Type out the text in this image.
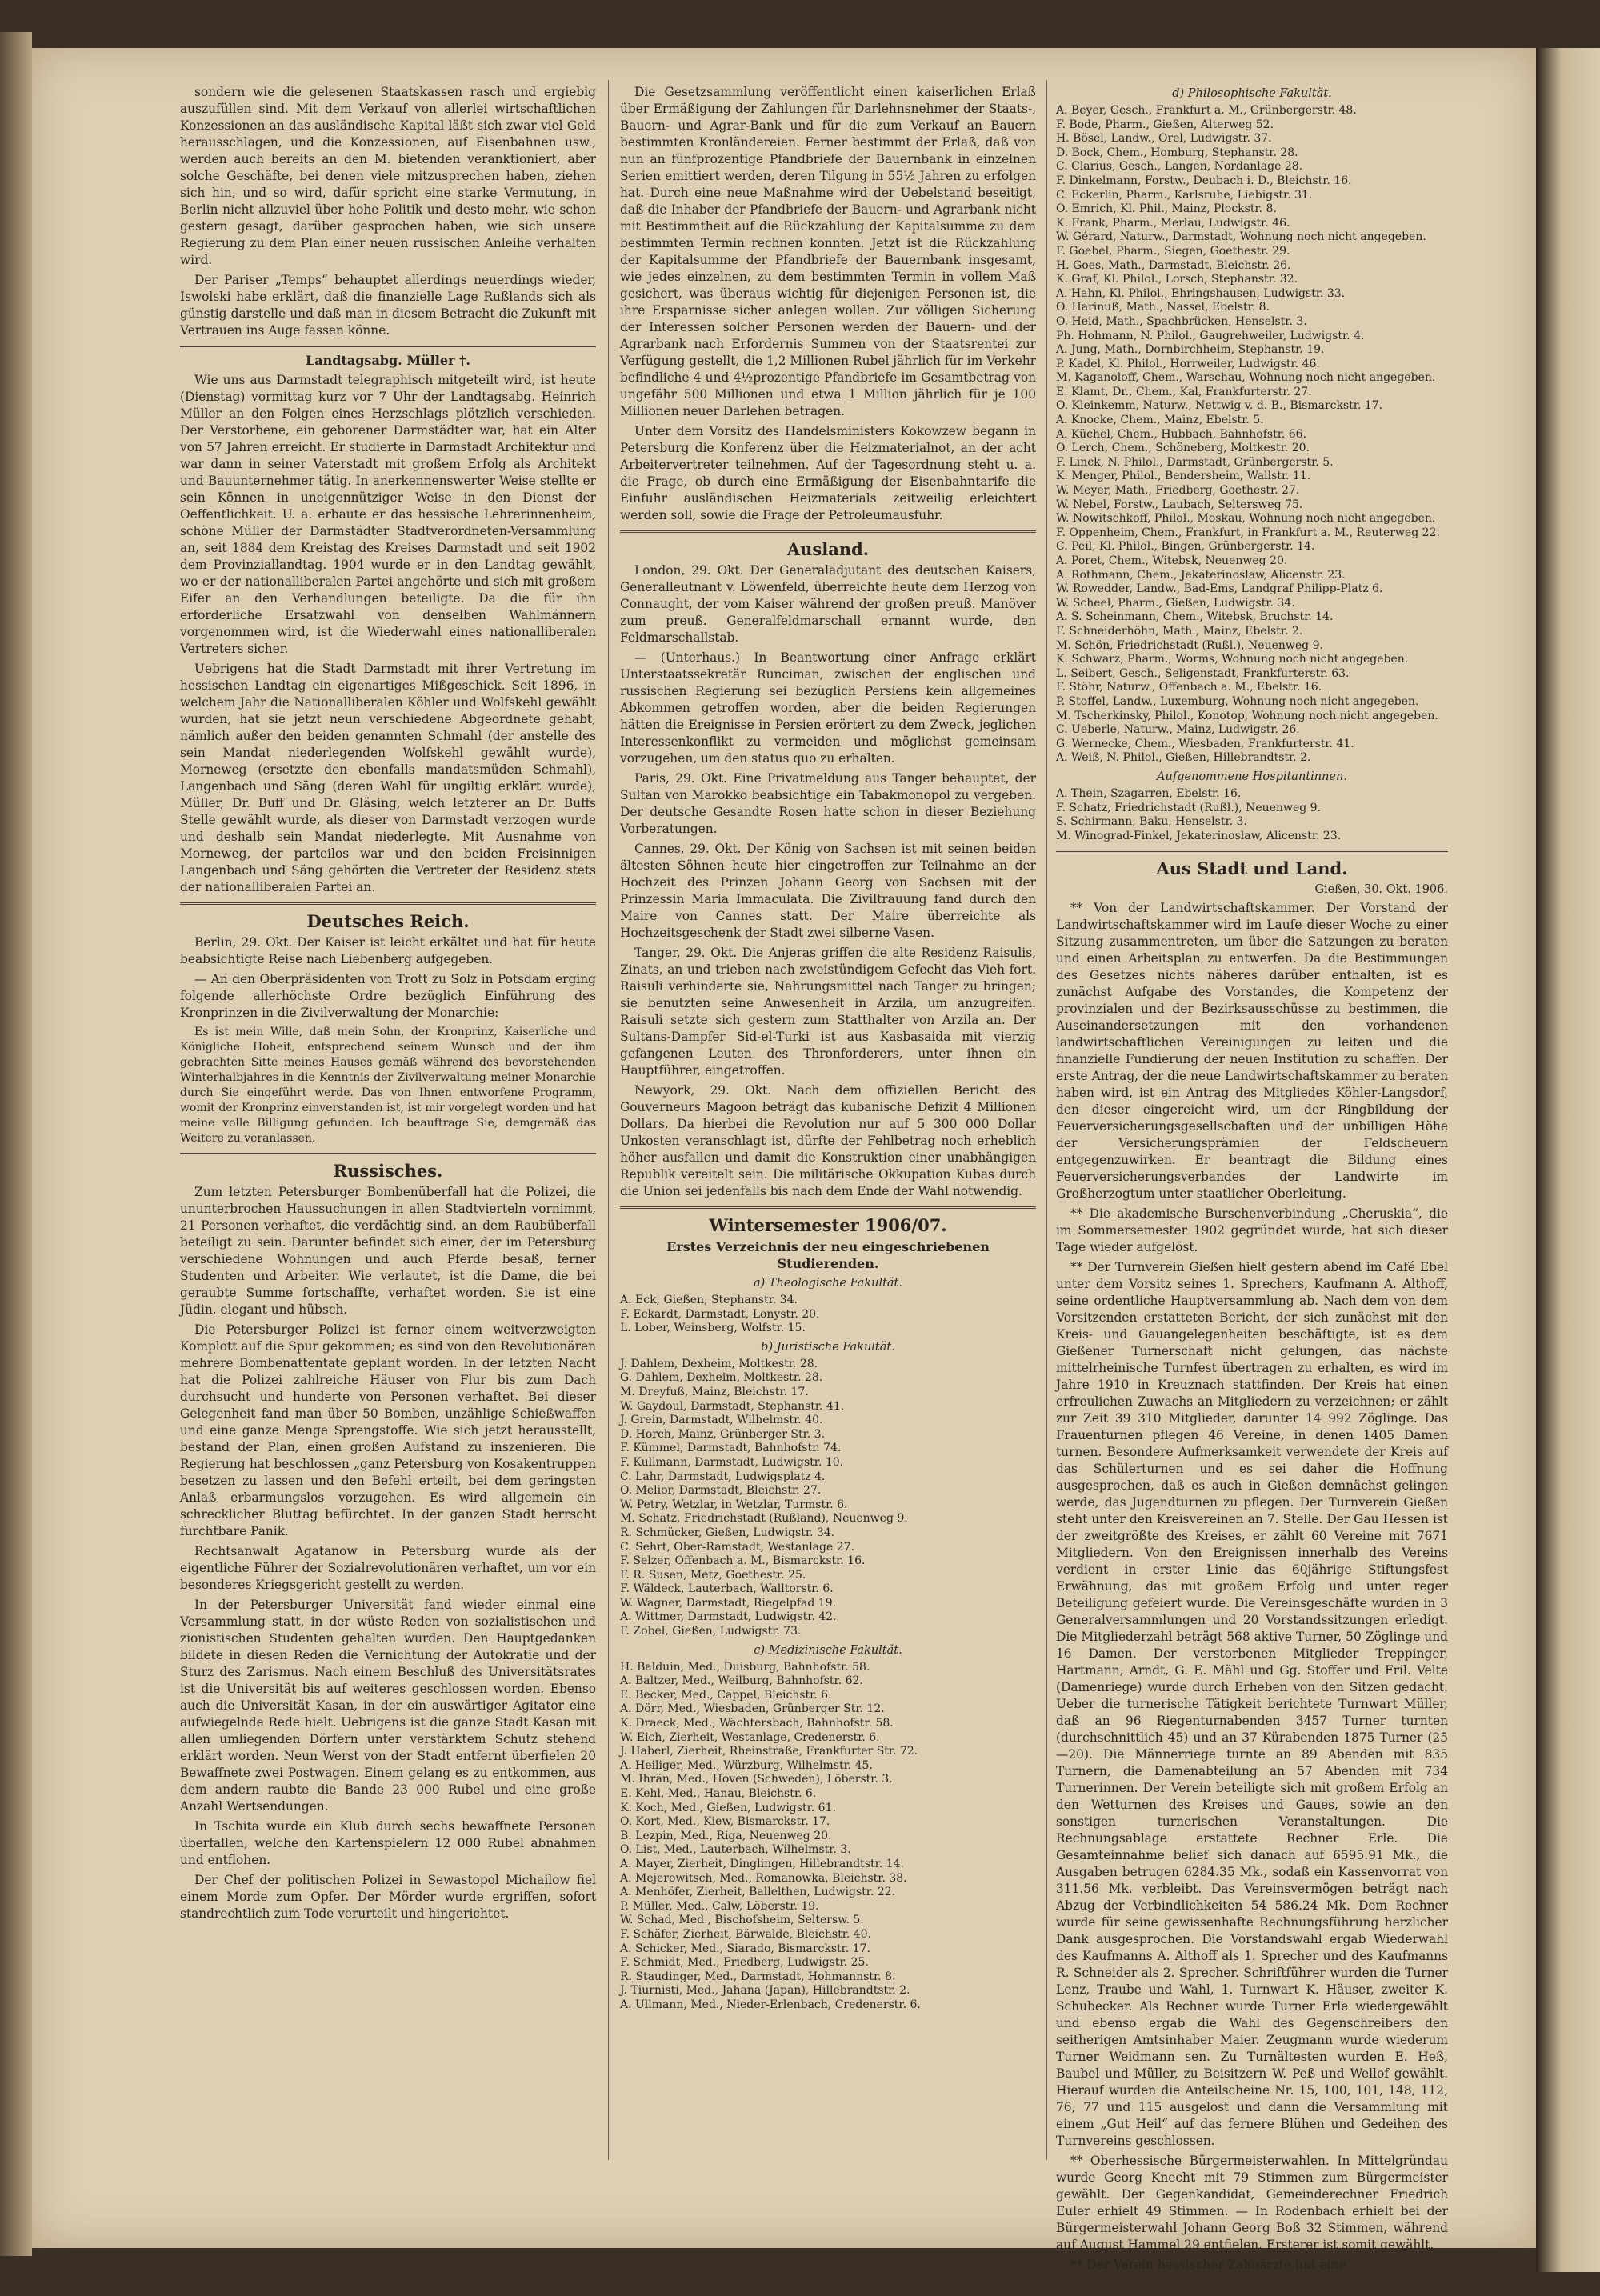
sondern wie die gelesenen Staatskassen rasch und ergiebig auszufüllen sind. Mit dem Verkauf von allerlei wirtschaftlichen Konzessionen an das ausländische Kapital läßt sich zwar viel Geld herausschlagen, und die Konzessionen, auf Eisenbahnen usw., werden auch bereits an den M. bietenden veranktioniert, aber solche Geschäfte, bei denen viele mitzusprechen haben, ziehen sich hin, und so wird, dafür spricht eine starke Vermutung, in Berlin nicht allzuviel über hohe Politik und desto mehr, wie schon gestern gesagt, darüber gesprochen haben, wie sich unsere Regierung zu dem Plan einer neuen russischen Anleihe verhalten wird.

Der Pariser „Temps“ behauptet allerdings neuerdings wieder, Iswolski habe erklärt, daß die finanzielle Lage Rußlands sich als günstig darstelle und daß man in diesem Betracht die Zukunft mit Vertrauen ins Auge fassen könne.

Landtagsabg. Müller †.

Wie uns aus Darmstadt telegraphisch mitgeteilt wird, ist heute (Dienstag) vormittag kurz vor 7 Uhr der Landtagsabg. Heinrich Müller an den Folgen eines Herzschlags plötzlich verschieden. Der Verstorbene, ein geborener Darmstädter war, hat ein Alter von 57 Jahren erreicht. Er studierte in Darmstadt Architektur und war dann in seiner Vaterstadt mit großem Erfolg als Architekt und Bauunternehmer tätig. In anerkennenswerter Weise stellte er sein Können in uneigennütziger Weise in den Dienst der Oeffentlichkeit. U. a. erbaute er das hessische Lehrerinnenheim, schöne Müller der Darmstädter Stadtverordneten-Versammlung an, seit 1884 dem Kreistag des Kreises Darmstadt und seit 1902 dem Provinziallandtag. 1904 wurde er in den Landtag gewählt, wo er der nationalliberalen Partei angehörte und sich mit großem Eifer an den Verhandlungen beteiligte. Da die für ihn erforderliche Ersatzwahl von denselben Wahlmännern vorgenommen wird, ist die Wiederwahl eines nationalliberalen Vertreters sicher.

Uebrigens hat die Stadt Darmstadt mit ihrer Vertretung im hessischen Landtag ein eigenartiges Mißgeschick. Seit 1896, in welchem Jahr die Nationalliberalen Köhler und Wolfskehl gewählt wurden, hat sie jetzt neun verschiedene Abgeordnete gehabt, nämlich außer den beiden genannten Schmahl (der anstelle des sein Mandat niederlegenden Wolfskehl gewählt wurde), Morneweg (ersetzte den ebenfalls mandatsmüden Schmahl), Langenbach und Säng (deren Wahl für ungiltig erklärt wurde), Müller, Dr. Buff und Dr. Gläsing, welch letzterer an Dr. Buffs Stelle gewählt wurde, als dieser von Darmstadt verzogen wurde und deshalb sein Mandat niederlegte. Mit Ausnahme von Morneweg, der parteilos war und den beiden Freisinnigen Langenbach und Säng gehörten die Vertreter der Residenz stets der nationalliberalen Partei an.

Deutsches Reich.

Berlin, 29. Okt. Der Kaiser ist leicht erkältet und hat für heute beabsichtigte Reise nach Liebenberg aufgegeben.

— An den Oberpräsidenten von Trott zu Solz in Potsdam erging folgende allerhöchste Ordre bezüglich Einführung des Kronprinzen in die Zivilverwaltung der Monarchie:

Es ist mein Wille, daß mein Sohn, der Kronprinz, Kaiserliche und Königliche Hoheit, entsprechend seinem Wunsch und der ihm gebrachten Sitte meines Hauses gemäß während des bevorstehenden Winterhalbjahres in die Kenntnis der Zivilverwaltung meiner Monarchie durch Sie eingeführt werde. Das von Ihnen entworfene Programm, womit der Kronprinz einverstanden ist, ist mir vorgelegt worden und hat meine volle Billigung gefunden. Ich beauftrage Sie, demgemäß das Weitere zu veranlassen.

Russisches.

Zum letzten Petersburger Bombenüberfall hat die Polizei, die ununterbrochen Haussuchungen in allen Stadtvierteln vornimmt, 21 Personen verhaftet, die verdächtig sind, an dem Raubüberfall beteiligt zu sein. Darunter befindet sich einer, der im Petersburg verschiedene Wohnungen und auch Pferde besaß, ferner Studenten und Arbeiter. Wie verlautet, ist die Dame, die bei geraubte Summe fortschaffte, verhaftet worden. Sie ist eine Jüdin, elegant und hübsch.

Die Petersburger Polizei ist ferner einem weitverzweigten Komplott auf die Spur gekommen; es sind von den Revolutionären mehrere Bombenattentate geplant worden. In der letzten Nacht hat die Polizei zahlreiche Häuser von Flur bis zum Dach durchsucht und hunderte von Personen verhaftet. Bei dieser Gelegenheit fand man über 50 Bomben, unzählige Schießwaffen und eine ganze Menge Sprengstoffe. Wie sich jetzt herausstellt, bestand der Plan, einen großen Aufstand zu inszenieren. Die Regierung hat beschlossen „ganz Petersburg von Kosakentruppen besetzen zu lassen und den Befehl erteilt, bei dem geringsten Anlaß erbarmungslos vorzugehen. Es wird allgemein ein schrecklicher Bluttag befürchtet. In der ganzen Stadt herrscht furchtbare Panik.

Rechtsanwalt Agatanow in Petersburg wurde als der eigentliche Führer der Sozialrevolutionären verhaftet, um vor ein besonderes Kriegsgericht gestellt zu werden.

In der Petersburger Universität fand wieder einmal eine Versammlung statt, in der wüste Reden von sozialistischen und zionistischen Studenten gehalten wurden. Den Hauptgedanken bildete in diesen Reden die Vernichtung der Autokratie und der Sturz des Zarismus. Nach einem Beschluß des Universitätsrates ist die Universität bis auf weiteres geschlossen worden. Ebenso auch die Universität Kasan, in der ein auswärtiger Agitator eine aufwiegelnde Rede hielt. Uebrigens ist die ganze Stadt Kasan mit allen umliegenden Dörfern unter verstärktem Schutz stehend erklärt worden. Neun Werst von der Stadt entfernt überfielen 20 Bewaffnete zwei Postwagen. Einem gelang es zu entkommen, aus dem andern raubte die Bande 23 000 Rubel und eine große Anzahl Wertsendungen.

In Tschita wurde ein Klub durch sechs bewaffnete Personen überfallen, welche den Kartenspielern 12 000 Rubel abnahmen und entflohen.

Der Chef der politischen Polizei in Sewastopol Michailow fiel einem Morde zum Opfer. Der Mörder wurde ergriffen, sofort standrechtlich zum Tode verurteilt und hingerichtet.

Die Gesetzsammlung veröffentlicht einen kaiserlichen Erlaß über Ermäßigung der Zahlungen für Darlehnsnehmer der Staats-, Bauern- und Agrar-Bank und für die zum Verkauf an Bauern bestimmten Kronländereien. Ferner bestimmt der Erlaß, daß von nun an fünfprozentige Pfandbriefe der Bauernbank in einzelnen Serien emittiert werden, deren Tilgung in 55½ Jahren zu erfolgen hat. Durch eine neue Maßnahme wird der Uebelstand beseitigt, daß die Inhaber der Pfandbriefe der Bauern- und Agrarbank nicht mit Bestimmtheit auf die Rückzahlung der Kapitalsumme zu dem bestimmten Termin rechnen konnten. Jetzt ist die Rückzahlung der Kapitalsumme der Pfandbriefe der Bauernbank insgesamt, wie jedes einzelnen, zu dem bestimmten Termin in vollem Maß gesichert, was überaus wichtig für diejenigen Personen ist, die ihre Ersparnisse sicher anlegen wollen. Zur völligen Sicherung der Interessen solcher Personen werden der Bauern- und der Agrarbank nach Erfordernis Summen von der Staatsrentei zur Verfügung gestellt, die 1,2 Millionen Rubel jährlich für im Verkehr befindliche 4 und 4½prozentige Pfandbriefe im Gesamtbetrag von ungefähr 500 Millionen und etwa 1 Million jährlich für je 100 Millionen neuer Darlehen betragen.

Unter dem Vorsitz des Handelsministers Kokowzew begann in Petersburg die Konferenz über die Heizmaterialnot, an der acht Arbeitervertreter teilnehmen. Auf der Tagesordnung steht u. a. die Frage, ob durch eine Ermäßigung der Eisenbahntarife die Einfuhr ausländischen Heizmaterials zeitweilig erleichtert werden soll, sowie die Frage der Petroleumausfuhr.

Ausland.

London, 29. Okt. Der Generaladjutant des deutschen Kaisers, Generalleutnant v. Löwenfeld, überreichte heute dem Herzog von Connaught, der vom Kaiser während der großen preuß. Manöver zum preuß. Generalfeldmarschall ernannt wurde, den Feldmarschallstab.

— (Unterhaus.) In Beantwortung einer Anfrage erklärt Unterstaatssekretär Runciman, zwischen der englischen und russischen Regierung sei bezüglich Persiens kein allgemeines Abkommen getroffen worden, aber die beiden Regierungen hätten die Ereignisse in Persien erörtert zu dem Zweck, jeglichen Interessenkonflikt zu vermeiden und möglichst gemeinsam vorzugehen, um den status quo zu erhalten.

Paris, 29. Okt. Eine Privatmeldung aus Tanger behauptet, der Sultan von Marokko beabsichtige ein Tabakmonopol zu vergeben. Der deutsche Gesandte Rosen hatte schon in dieser Beziehung Vorberatungen.

Cannes, 29. Okt. Der König von Sachsen ist mit seinen beiden ältesten Söhnen heute hier eingetroffen zur Teilnahme an der Hochzeit des Prinzen Johann Georg von Sachsen mit der Prinzessin Maria Immaculata. Die Ziviltrauung fand durch den Maire von Cannes statt. Der Maire überreichte als Hochzeitsgeschenk der Stadt zwei silberne Vasen.

Tanger, 29. Okt. Die Anjeras griffen die alte Residenz Raisulis, Zinats, an und trieben nach zweistündigem Gefecht das Vieh fort. Raisuli verhinderte sie, Nahrungsmittel nach Tanger zu bringen; sie benutzten seine Anwesenheit in Arzila, um anzugreifen. Raisuli setzte sich gestern zum Statthalter von Arzila an. Der Sultans-Dampfer Sid-el-Turki ist aus Kasbasaida mit vierzig gefangenen Leuten des Thronforderers, unter ihnen ein Hauptführer, eingetroffen.

Newyork, 29. Okt. Nach dem offiziellen Bericht des Gouverneurs Magoon beträgt das kubanische Defizit 4 Millionen Dollars. Da hierbei die Revolution nur auf 5 300 000 Dollar Unkosten veranschlagt ist, dürfte der Fehlbetrag noch erheblich höher ausfallen und damit die Konstruktion einer unabhängigen Republik vereitelt sein. Die militärische Okkupation Kubas durch die Union sei jedenfalls bis nach dem Ende der Wahl notwendig.

Wintersemester 1906/07.
Erstes Verzeichnis der neu eingeschriebenen Studierenden.
a) Theologische Fakultät.
A. Eck, Gießen, Stephanstr. 34.
F. Eckardt, Darmstadt, Lonystr. 20.
L. Lober, Weinsberg, Wolfstr. 15.
b) Juristische Fakultät.
J. Dahlem, Dexheim, Moltkestr. 28.
G. Dahlem, Dexheim, Moltkestr. 28.
M. Dreyfuß, Mainz, Bleichstr. 17.
W. Gaydoul, Darmstadt, Stephanstr. 41.
J. Grein, Darmstadt, Wilhelmstr. 40.
D. Horch, Mainz, Grünberger Str. 3.
F. Kümmel, Darmstadt, Bahnhofstr. 74.
F. Kullmann, Darmstadt, Ludwigstr. 10.
C. Lahr, Darmstadt, Ludwigsplatz 4.
O. Melior, Darmstadt, Bleichstr. 27.
W. Petry, Wetzlar, in Wetzlar, Turmstr. 6.
M. Schatz, Friedrichstadt (Rußland), Neuenweg 9.
R. Schmücker, Gießen, Ludwigstr. 34.
C. Sehrt, Ober-Ramstadt, Westanlage 27.
F. Selzer, Offenbach a. M., Bismarckstr. 16.
F. R. Susen, Metz, Goethestr. 25.
F. Wäldeck, Lauterbach, Walltorstr. 6.
W. Wagner, Darmstadt, Riegelpfad 19.
A. Wittmer, Darmstadt, Ludwigstr. 42.
F. Zobel, Gießen, Ludwigstr. 73.
c) Medizinische Fakultät.
H. Balduin, Med., Duisburg, Bahnhofstr. 58.
A. Baltzer, Med., Weilburg, Bahnhofstr. 62.
E. Becker, Med., Cappel, Bleichstr. 6.
A. Dörr, Med., Wiesbaden, Grünberger Str. 12.
K. Draeck, Med., Wächtersbach, Bahnhofstr. 58.
W. Eich, Zierheit, Westanlage, Credenerstr. 6.
J. Haberl, Zierheit, Rheinstraße, Frankfurter Str. 72.
A. Heiliger, Med., Würzburg, Wilhelmstr. 45.
M. Ihrän, Med., Hoven (Schweden), Löberstr. 3.
E. Kehl, Med., Hanau, Bleichstr. 6.
K. Koch, Med., Gießen, Ludwigstr. 61.
O. Kort, Med., Kiew, Bismarckstr. 17.
B. Lezpin, Med., Riga, Neuenweg 20.
O. List, Med., Lauterbach, Wilhelmstr. 3.
A. Mayer, Zierheit, Dinglingen, Hillebrandtstr. 14.
A. Mejerowitsch, Med., Romanowka, Bleichstr. 38.
A. Menhöfer, Zierheit, Ballelthen, Ludwigstr. 22.
P. Müller, Med., Calw, Löberstr. 19.
W. Schad, Med., Bischofsheim, Seltersw. 5.
F. Schäfer, Zierheit, Bärwalde, Bleichstr. 40.
A. Schicker, Med., Siarado, Bismarckstr. 17.
F. Schmidt, Med., Friedberg, Ludwigstr. 25.
R. Staudinger, Med., Darmstadt, Hohmannstr. 8.
J. Tiurnisti, Med., Jahana (Japan), Hillebrandtstr. 2.
A. Ullmann, Med., Nieder-Erlenbach, Credenerstr. 6.
d) Philosophische Fakultät.
A. Beyer, Gesch., Frankfurt a. M., Grünbergerstr. 48.
F. Bode, Pharm., Gießen, Alterweg 52.
H. Bösel, Landw., Orel, Ludwigstr. 37.
D. Bock, Chem., Homburg, Stephanstr. 28.
C. Clarius, Gesch., Langen, Nordanlage 28.
F. Dinkelmann, Forstw., Deubach i. D., Bleichstr. 16.
C. Eckerlin, Pharm., Karlsruhe, Liebigstr. 31.
O. Emrich, Kl. Phil., Mainz, Plockstr. 8.
K. Frank, Pharm., Merlau, Ludwigstr. 46.
W. Gérard, Naturw., Darmstadt, Wohnung noch nicht angegeben.
F. Goebel, Pharm., Siegen, Goethestr. 29.
H. Goes, Math., Darmstadt, Bleichstr. 26.
K. Graf, Kl. Philol., Lorsch, Stephanstr. 32.
A. Hahn, Kl. Philol., Ehringshausen, Ludwigstr. 33.
O. Harinuß, Math., Nassel, Ebelstr. 8.
O. Heid, Math., Spachbrücken, Henselstr. 3.
Ph. Hohmann, N. Philol., Gaugrehweiler, Ludwigstr. 4.
A. Jung, Math., Dornbirchheim, Stephanstr. 19.
P. Kadel, Kl. Philol., Horrweiler, Ludwigstr. 46.
M. Kaganoloff, Chem., Warschau, Wohnung noch nicht angegeben.
E. Klamt, Dr., Chem., Kal, Frankfurterstr. 27.
O. Kleinkemm, Naturw., Nettwig v. d. B., Bismarckstr. 17.
A. Knocke, Chem., Mainz, Ebelstr. 5.
A. Küchel, Chem., Hubbach, Bahnhofstr. 66.
O. Lerch, Chem., Schöneberg, Moltkestr. 20.
F. Linck, N. Philol., Darmstadt, Grünbergerstr. 5.
K. Menger, Philol., Bendersheim, Wallstr. 11.
W. Meyer, Math., Friedberg, Goethestr. 27.
W. Nebel, Forstw., Laubach, Seltersweg 75.
W. Nowitschkoff, Philol., Moskau, Wohnung noch nicht angegeben.
F. Oppenheim, Chem., Frankfurt, in Frankfurt a. M., Reuterweg 22.
C. Peil, Kl. Philol., Bingen, Grünbergerstr. 14.
A. Poret, Chem., Witebsk, Neuenweg 20.
A. Rothmann, Chem., Jekaterinoslaw, Alicenstr. 23.
W. Rowedder, Landw., Bad-Ems, Landgraf Philipp-Platz 6.
W. Scheel, Pharm., Gießen, Ludwigstr. 34.
A. S. Scheinmann, Chem., Witebsk, Bruchstr. 14.
F. Schneiderhöhn, Math., Mainz, Ebelstr. 2.
M. Schön, Friedrichstadt (Rußl.), Neuenweg 9.
K. Schwarz, Pharm., Worms, Wohnung noch nicht angegeben.
L. Seibert, Gesch., Seligenstadt, Frankfurterstr. 63.
F. Stöhr, Naturw., Offenbach a. M., Ebelstr. 16.
P. Stoffel, Landw., Luxemburg, Wohnung noch nicht angegeben.
M. Tscherkinsky, Philol., Konotop, Wohnung noch nicht angegeben.
C. Ueberle, Naturw., Mainz, Ludwigstr. 26.
G. Wernecke, Chem., Wiesbaden, Frankfurterstr. 41.
A. Weiß, N. Philol., Gießen, Hillebrandtstr. 2.
Aufgenommene Hospitantinnen.
A. Thein, Szagarren, Ebelstr. 16.
F. Schatz, Friedrichstadt (Rußl.), Neuenweg 9.
S. Schirmann, Baku, Henselstr. 3.
M. Winograd-Finkel, Jekaterinoslaw, Alicenstr. 23.
Aus Stadt und Land.
Gießen, 30. Okt. 1906.

** Von der Landwirtschaftskammer. Der Vorstand der Landwirtschaftskammer wird im Laufe dieser Woche zu einer Sitzung zusammentreten, um über die Satzungen zu beraten und einen Arbeitsplan zu entwerfen. Da die Bestimmungen des Gesetzes nichts näheres darüber enthalten, ist es zunächst Aufgabe des Vorstandes, die Kompetenz der provinzialen und der Bezirksausschüsse zu bestimmen, die Auseinandersetzungen mit den vorhandenen landwirtschaftlichen Vereinigungen zu leiten und die finanzielle Fundierung der neuen Institution zu schaffen. Der erste Antrag, der die neue Landwirtschaftskammer zu beraten haben wird, ist ein Antrag des Mitgliedes Köhler-Langsdorf, den dieser eingereicht wird, um der Ringbildung der Feuerversicherungsgesellschaften und der unbilligen Höhe der Versicherungsprämien der Feldscheuern entgegenzuwirken. Er beantragt die Bildung eines Feuerversicherungsverbandes der Landwirte im Großherzogtum unter staatlicher Oberleitung.

** Die akademische Burschenverbindung „Cheruskia“, die im Sommersemester 1902 gegründet wurde, hat sich dieser Tage wieder aufgelöst.

** Der Turnverein Gießen hielt gestern abend im Café Ebel unter dem Vorsitz seines 1. Sprechers, Kaufmann A. Althoff, seine ordentliche Hauptversammlung ab. Nach dem von dem Vorsitzenden erstatteten Bericht, der sich zunächst mit den Kreis- und Gauangelegenheiten beschäftigte, ist es dem Gießener Turnerschaft nicht gelungen, das nächste mittelrheinische Turnfest übertragen zu erhalten, es wird im Jahre 1910 in Kreuznach stattfinden. Der Kreis hat einen erfreulichen Zuwachs an Mitgliedern zu verzeichnen; er zählt zur Zeit 39 310 Mitglieder, darunter 14 992 Zöglinge. Das Frauenturnen pflegen 46 Vereine, in denen 1405 Damen turnen. Besondere Aufmerksamkeit verwendete der Kreis auf das Schülerturnen und es sei daher die Hoffnung ausgesprochen, daß es auch in Gießen demnächst gelingen werde, das Jugendturnen zu pflegen. Der Turnverein Gießen steht unter den Kreisvereinen an 7. Stelle. Der Gau Hessen ist der zweitgrößte des Kreises, er zählt 60 Vereine mit 7671 Mitgliedern. Von den Ereignissen innerhalb des Vereins verdient in erster Linie das 60jährige Stiftungsfest Erwähnung, das mit großem Erfolg und unter reger Beteiligung gefeiert wurde. Die Vereinsgeschäfte wurden in 3 Generalversammlungen und 20 Vorstandssitzungen erledigt. Die Mitgliederzahl beträgt 568 aktive Turner, 50 Zöglinge und 16 Damen. Der verstorbenen Mitglieder Treppinger, Hartmann, Arndt, G. E. Mähl und Gg. Stoffer und Fril. Velte (Damenriege) wurde durch Erheben von den Sitzen gedacht. Ueber die turnerische Tätigkeit berichtete Turnwart Müller, daß an 96 Riegenturnabenden 3457 Turner turnten (durchschnittlich 45) und an 37 Kürabenden 1875 Turner (25—20). Die Männerriege turnte an 89 Abenden mit 835 Turnern, die Damenabteilung an 57 Abenden mit 734 Turnerinnen. Der Verein beteiligte sich mit großem Erfolg an den Wetturnen des Kreises und Gaues, sowie an den sonstigen turnerischen Veranstaltungen. Die Rechnungsablage erstattete Rechner Erle. Die Gesamteinnahme belief sich danach auf 6595.91 Mk., die Ausgaben betrugen 6284.35 Mk., sodaß ein Kassenvorrat von 311.56 Mk. verbleibt. Das Vereinsvermögen beträgt nach Abzug der Verbindlichkeiten 54 586.24 Mk. Dem Rechner wurde für seine gewissenhafte Rechnungsführung herzlicher Dank ausgesprochen. Die Vorstandswahl ergab Wiederwahl des Kaufmanns A. Althoff als 1. Sprecher und des Kaufmanns R. Schneider als 2. Sprecher. Schriftführer wurden die Turner Lenz, Traube und Wahl, 1. Turnwart K. Häuser, zweiter K. Schubecker. Als Rechner wurde Turner Erle wiedergewählt und ebenso ergab die Wahl des Gegenschreibers den seitherigen Amtsinhaber Maier. Zeugmann wurde wiederum Turner Weidmann sen. Zu Turnältesten wurden E. Heß, Baubel und Müller, zu Beisitzern W. Peß und Wellof gewählt. Hierauf wurden die Anteilscheine Nr. 15, 100, 101, 148, 112, 76, 77 und 115 ausgelost und dann die Versammlung mit einem „Gut Heil“ auf das fernere Blühen und Gedeihen des Turnvereins geschlossen.

** Oberhessische Bürgermeisterwahlen. In Mittelgründau wurde Georg Knecht mit 79 Stimmen zum Bürgermeister gewählt. Der Gegenkandidat, Gemeinderechner Friedrich Euler erhielt 49 Stimmen. — In Rodenbach erhielt bei der Bürgermeisterwahl Johann Georg Boß 32 Stimmen, während auf August Hammel 29 entfielen. Ersterer ist somit gewählt.

** Der Verein hessischer Zahnärzte hat eine
